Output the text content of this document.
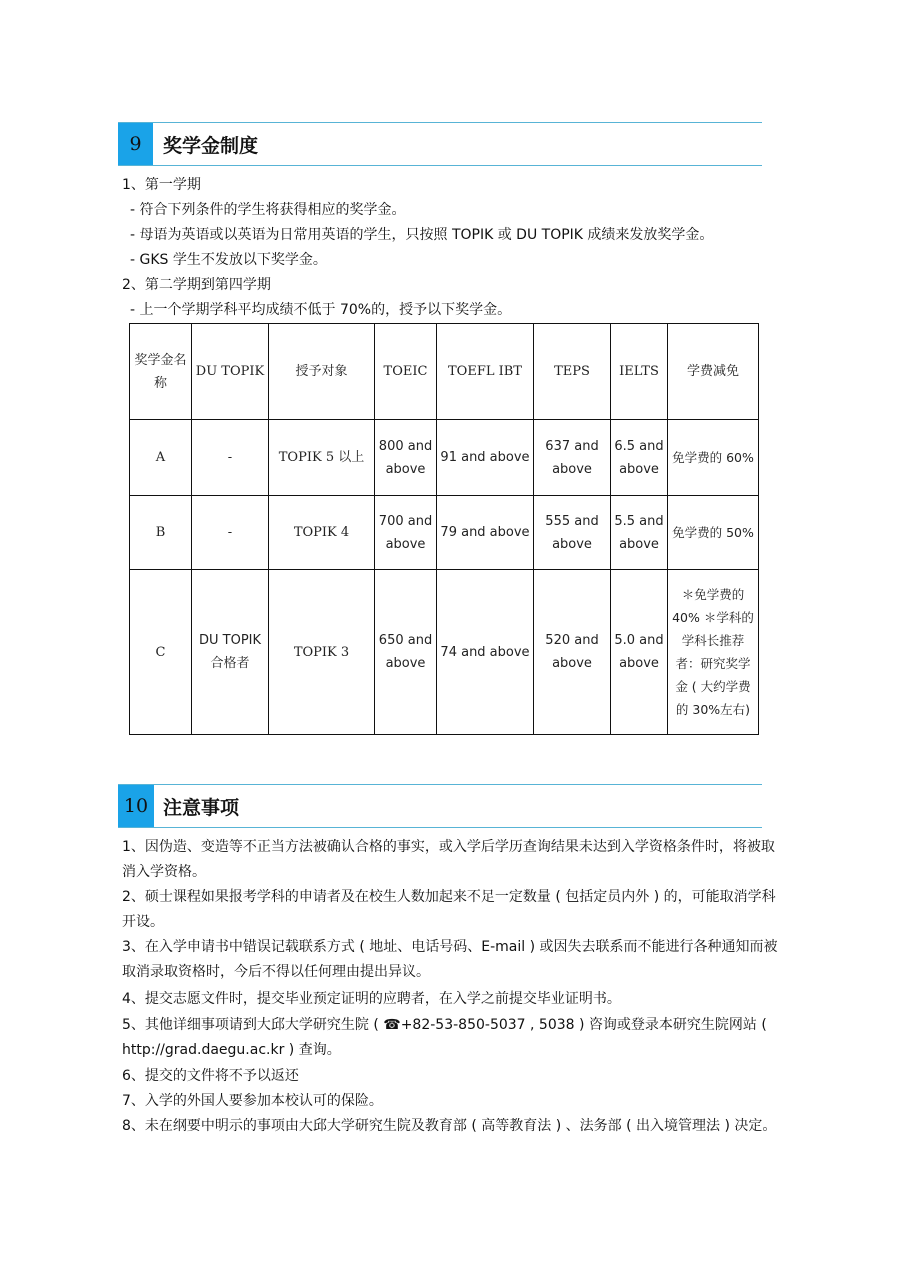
9	奖学金制度
1、第一学期
- 符合下列条件的学生将获得相应的奖学金。
- 母语为英语或以英语为日常用英语的学生，只按照 TOPIK 或 DU TOPIK 成绩来发放奖学金。
- GKS 学生不发放以下奖学金。
2、第二学期到第四学期
- 上一个学期学科平均成绩不低于 70%的，授予以下奖学金。
奖学金名称	DU TOPIK	授予对象	TOEIC	TOEFL IBT	TEPS	IELTS	学费减免
A	-	TOPIK 5 以上	800 and above	91 and above	637 and above	6.5 and above	免学费的 60%
B	-	TOPIK 4	700 and above	79 and above	555 and above	5.5 and above	免学费的 50%
C	DU TOPIK 合格者	TOPIK 3	650 and above	74 and above	520 and above	5.0 and above	＊免学费的 40% ＊学科的学科长推荐者：研究奖学金 ( 大约学费的 30%左右)
10 注意事项
1、因伪造、变造等不正当方法被确认合格的事实，或入学后学历查询结果未达到入学资格条件时，将被取消入学资格。
2、硕士课程如果报考学科的申请者及在校生人数加起来不足一定数量 ( 包括定员内外 ) 的，可能取消学科开设。
3、在入学申请书中错误记载联系方式 ( 地址、电话号码、E-mail ) 或因失去联系而不能进行各种通知而被取消录取资格时，今后不得以任何理由提出异议。
4、提交志愿文件时，提交毕业预定证明的应聘者，在入学之前提交毕业证明书。
5、其他详细事项请到大邱大学研究生院 ( ☎+82-53-850-5037 , 5038 ) 咨询或登录本研究生院网站 ( http://grad.daegu.ac.kr ) 查询。
6、提交的文件将不予以返还
7、入学的外国人要参加本校认可的保险。
8、未在纲要中明示的事项由大邱大学研究生院及教育部 ( 高等教育法 ) 、法务部 ( 出入境管理法 ) 决定。
